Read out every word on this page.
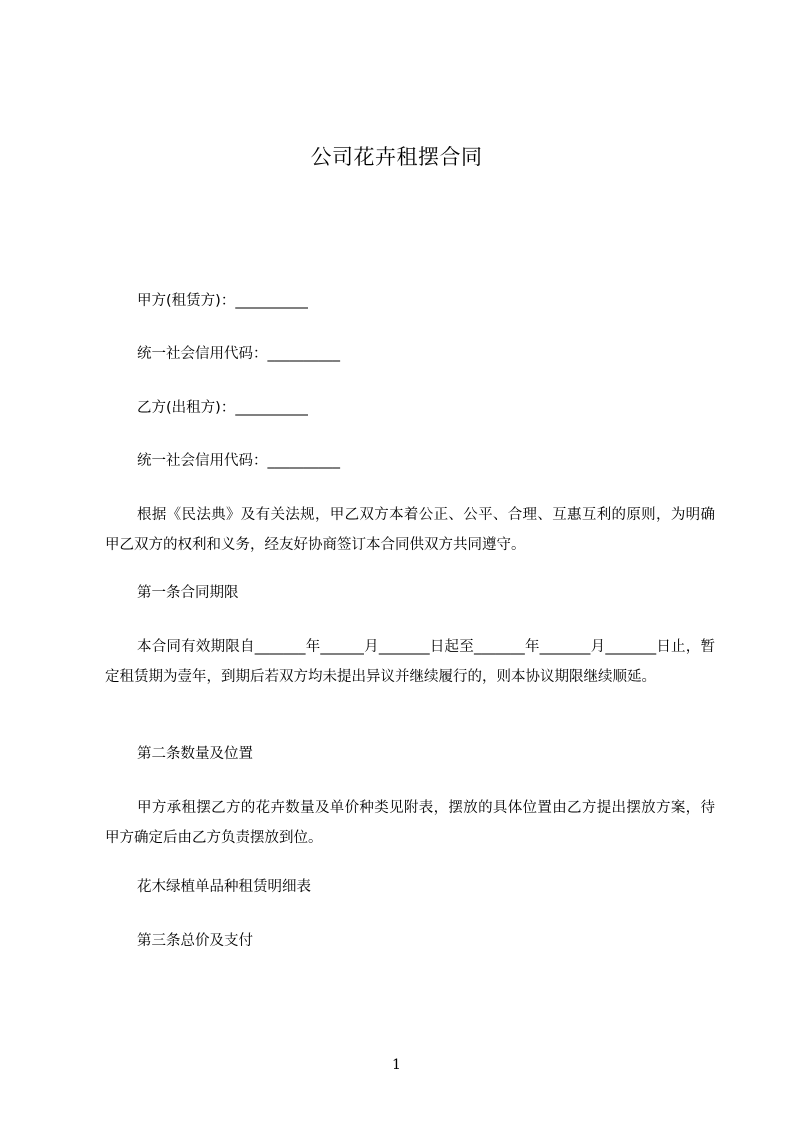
公司花卉租摆合同
甲方(租赁方)：__________
统一社会信用代码：__________
乙方(出租方)：__________
统一社会信用代码：__________
根据《民法典》及有关法规，甲乙双方本着公正、公平、合理、互惠互利的原则，为明确甲乙双方的权利和义务，经友好协商签订本合同供双方共同遵守。
第一条合同期限
本合同有效期限自_______年______月_______日起至_______年_______月_______日止，暂定租赁期为壹年，到期后若双方均未提出异议并继续履行的，则本协议期限继续顺延。
第二条数量及位置
甲方承租摆乙方的花卉数量及单价种类见附表，摆放的具体位置由乙方提出摆放方案，待甲方确定后由乙方负责摆放到位。
花木绿植单品种租赁明细表
第三条总价及支付
1
